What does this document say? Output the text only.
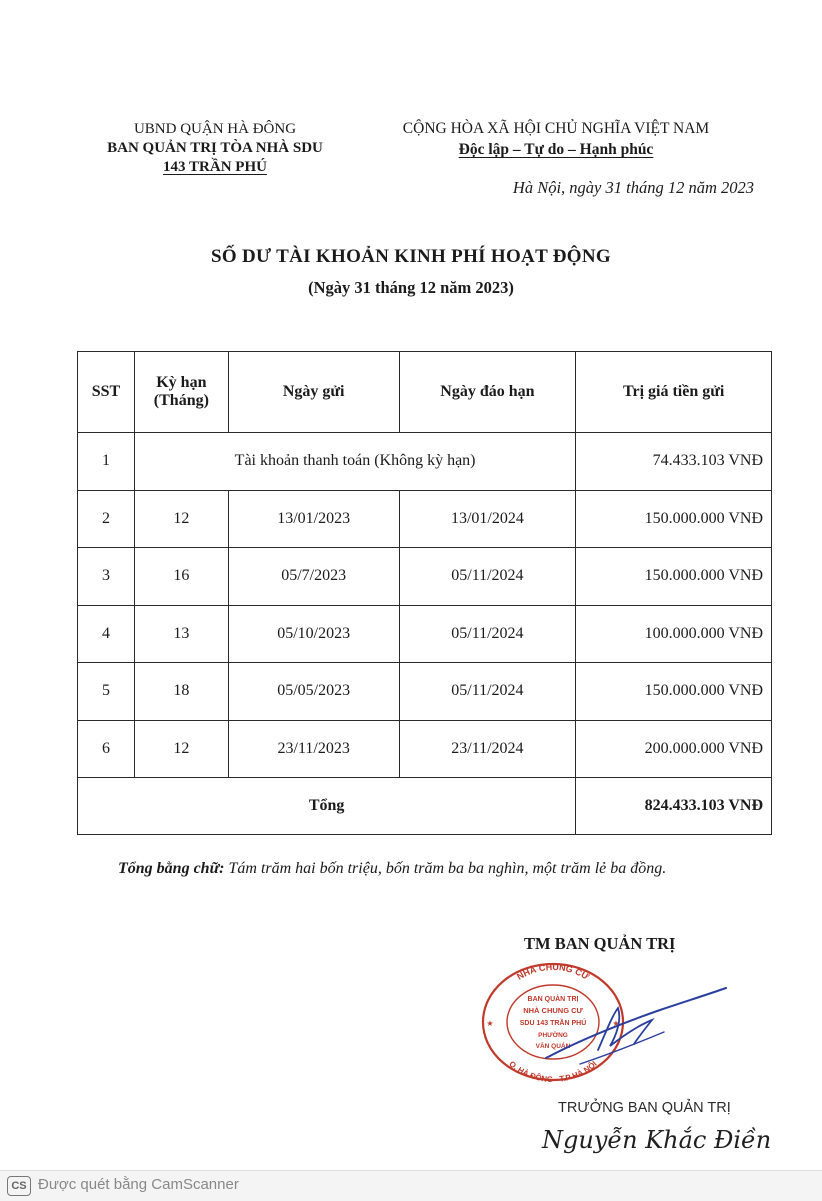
UBND QUẬN HÀ ĐÔNG
BAN QUẢN TRỊ TÒA NHÀ SDU
143 TRẦN PHÚ
CỘNG HÒA XÃ HỘI CHỦ NGHĨA VIỆT NAM
Độc lập – Tự do – Hạnh phúc
Hà Nội, ngày 31 tháng 12 năm 2023
SỐ DƯ TÀI KHOẢN KINH PHÍ HOẠT ĐỘNG
(Ngày 31 tháng 12 năm 2023)
SST	Kỳ hạn
(Tháng)	Ngày gửi	Ngày đáo hạn	Trị giá tiền gửi
1	Tài khoản thanh toán (Không kỳ hạn)			74.433.103 VNĐ
2	12	13/01/2023	13/01/2024	150.000.000 VNĐ
3	16	05/7/2023	05/11/2024	150.000.000 VNĐ
4	13	05/10/2023	05/11/2024	100.000.000 VNĐ
5	18	05/05/2023	05/11/2024	150.000.000 VNĐ
6	12	23/11/2023	23/11/2024	200.000.000 VNĐ
Tổng				824.433.103 VNĐ
Tổng bằng chữ: Tám trăm hai bốn triệu, bốn trăm ba ba nghìn, một trăm lẻ ba đồng.
TM BAN QUẢN TRỊ
NHÀ CHUNG CƯ
Q. HÀ ĐÔNG - T.P HÀ NỘI
★	★
BAN QUẢN TRỊ
NHÀ CHUNG CƯ
SDU 143 TRẦN PHÚ
PHƯỜNG
VĂN QUÁN
TRƯỞNG BAN QUẢN TRỊ
Nguyễn Khắc Điền
CS Được quét bằng CamScanner
